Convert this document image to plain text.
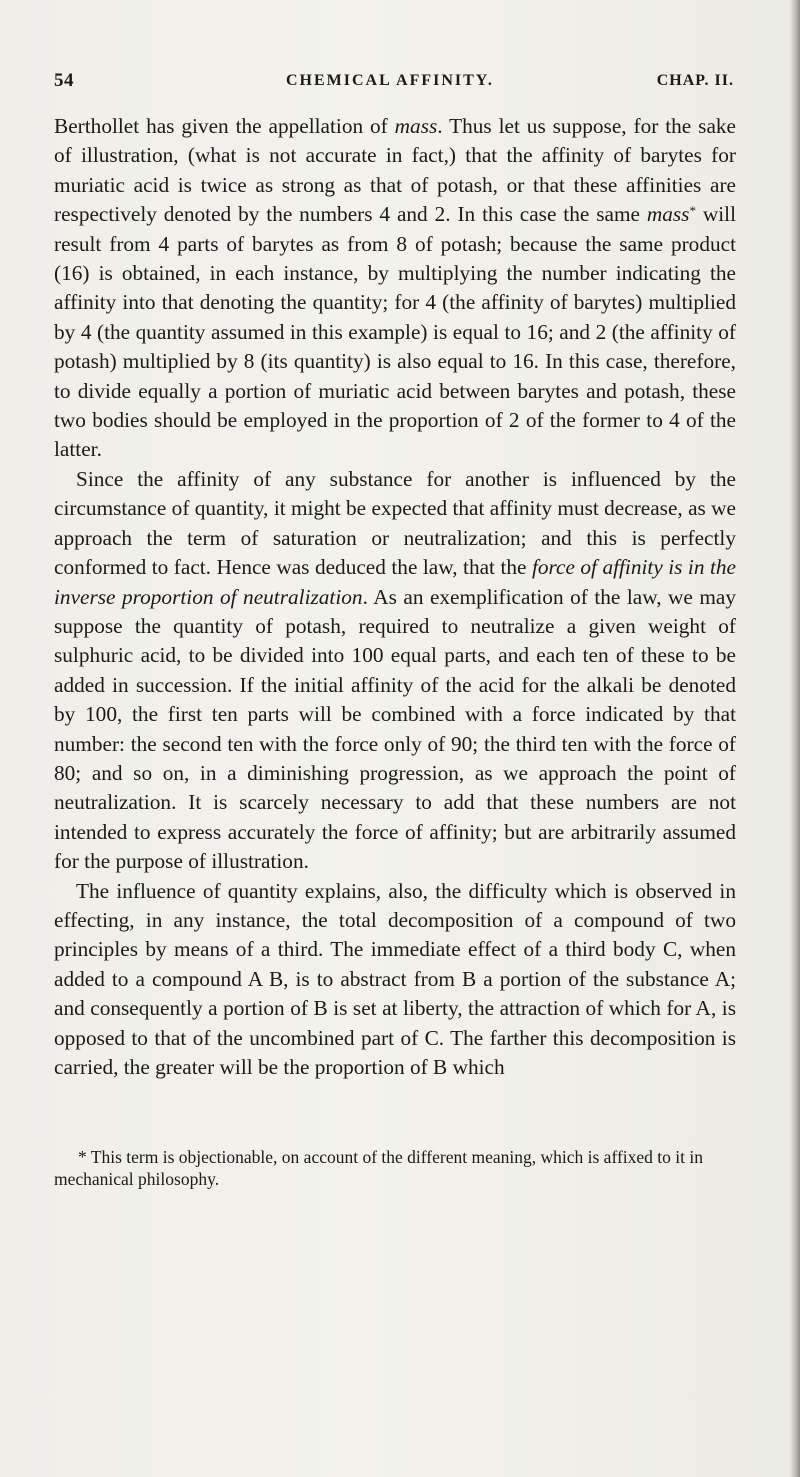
54	CHEMICAL AFFINITY.	CHAP. II.

Berthollet has given the appellation of mass. Thus let us suppose, for the sake of illustration, (what is not accurate in fact,) that the affinity of barytes for muriatic acid is twice as strong as that of potash, or that these affinities are respectively denoted by the numbers 4 and 2. In this case the same mass* will result from 4 parts of barytes as from 8 of potash; because the same product (16) is obtained, in each instance, by multiplying the number indicating the affinity into that denoting the quantity; for 4 (the affinity of barytes) multiplied by 4 (the quantity assumed in this example) is equal to 16; and 2 (the affinity of potash) multiplied by 8 (its quantity) is also equal to 16. In this case, therefore, to divide equally a portion of muriatic acid between barytes and potash, these two bodies should be employed in the proportion of 2 of the former to 4 of the latter.

Since the affinity of any substance for another is influenced by the circumstance of quantity, it might be expected that affinity must decrease, as we approach the term of saturation or neutralization; and this is perfectly conformed to fact. Hence was deduced the law, that the force of affinity is in the inverse proportion of neutralization. As an exemplification of the law, we may suppose the quantity of potash, required to neutralize a given weight of sulphuric acid, to be divided into 100 equal parts, and each ten of these to be added in succession. If the initial affinity of the acid for the alkali be denoted by 100, the first ten parts will be combined with a force indicated by that number: the second ten with the force only of 90; the third ten with the force of 80; and so on, in a diminishing progression, as we approach the point of neutralization. It is scarcely necessary to add that these numbers are not intended to express accurately the force of affinity; but are arbitrarily assumed for the purpose of illustration.

The influence of quantity explains, also, the difficulty which is observed in effecting, in any instance, the total decomposition of a compound of two principles by means of a third. The immediate effect of a third body C, when added to a compound A B, is to abstract from B a portion of the substance A; and consequently a portion of B is set at liberty, the attraction of which for A, is opposed to that of the uncombined part of C. The farther this decomposition is carried, the greater will be the proportion of B which

* This term is objectionable, on account of the different meaning, which is affixed to it in mechanical philosophy.
